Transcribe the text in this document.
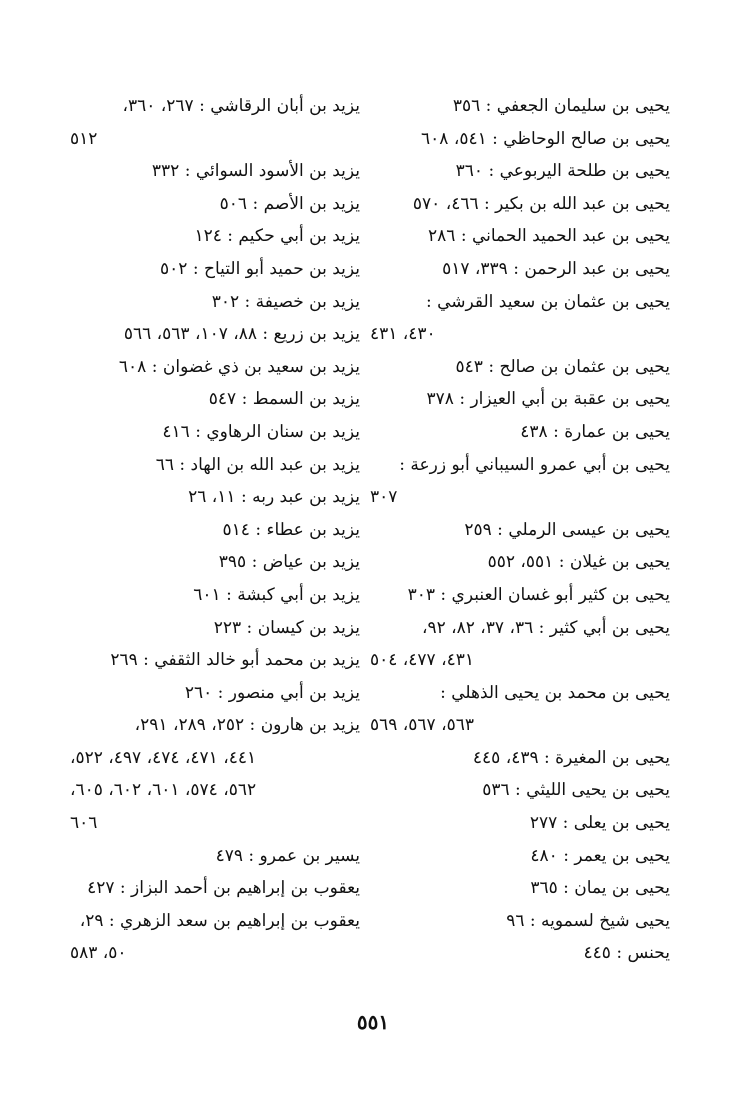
يحيى بن سليمان الجعفي : ٣٥٦
يحيى بن صالح الوحاظي : ٥٤١، ٦٠٨
يحيى بن طلحة اليربوعي : ٣٦٠
يحيى بن عبد الله بن بكير : ٤٦٦، ٥٧٠
يحيى بن عبد الحميد الحماني : ٢٨٦
يحيى بن عبد الرحمن : ٣٣٩، ٥١٧
يحيى بن عثمان بن سعيد القرشي :
٤٣٠، ٤٣١
يحيى بن عثمان بن صالح : ٥٤٣
يحيى بن عقبة بن أبي العيزار : ٣٧٨
يحيى بن عمارة : ٤٣٨
يحيى بن أبي عمرو السيباني أبو زرعة :
٣٠٧
يحيى بن عيسى الرملي : ٢٥٩
يحيى بن غيلان : ٥٥١، ٥٥٢
يحيى بن كثير أبو غسان العنبري : ٣٠٣
يحيى بن أبي كثير : ٣٦، ٣٧، ٨٢، ٩٢،
٤٣١، ٤٧٧، ٥٠٤
يحيى بن محمد بن يحيى الذهلي :
٥٦٣، ٥٦٧، ٥٦٩
يحيى بن المغيرة : ٤٣٩، ٤٤٥
يحيى بن يحيى الليثي : ٥٣٦
يحيى بن يعلى : ٢٧٧
يحيى بن يعمر : ٤٨٠
يحيى بن يمان : ٣٦٥
يحيى شيخ لسمويه : ٩٦
يحنس : ٤٤٥
يزيد بن أبان الرقاشي : ٢٦٧، ٣٦٠،
٥١٢
يزيد بن الأسود السوائي : ٣٣٢
يزيد بن الأصم : ٥٠٦
يزيد بن أبي حكيم : ١٢٤
يزيد بن حميد أبو التياح : ٥٠٢
يزيد بن خصيفة : ٣٠٢
يزيد بن زريع : ٨٨، ١٠٧، ٥٦٣، ٥٦٦
يزيد بن سعيد بن ذي غضوان : ٦٠٨
يزيد بن السمط : ٥٤٧
يزيد بن سنان الرهاوي : ٤١٦
يزيد بن عبد الله بن الهاد : ٦٦
يزيد بن عبد ربه : ١١، ٢٦
يزيد بن عطاء : ٥١٤
يزيد بن عياض : ٣٩٥
يزيد بن أبي كبشة : ٦٠١
يزيد بن كيسان : ٢٢٣
يزيد بن محمد أبو خالد الثقفي : ٢٦٩
يزيد بن أبي منصور : ٢٦٠
يزيد بن هارون : ٢٥٢، ٢٨٩، ٢٩١،
٤٤١، ٤٧١، ٤٧٤، ٤٩٧، ٥٢٢،
٥٦٢، ٥٧٤، ٦٠١، ٦٠٢، ٦٠٥،
٦٠٦
يسير بن عمرو : ٤٧٩
يعقوب بن إبراهيم بن أحمد البزاز : ٤٢٧
يعقوب بن إبراهيم بن سعد الزهري : ٢٩،
٥٠، ٥٨٣
٥٥١
